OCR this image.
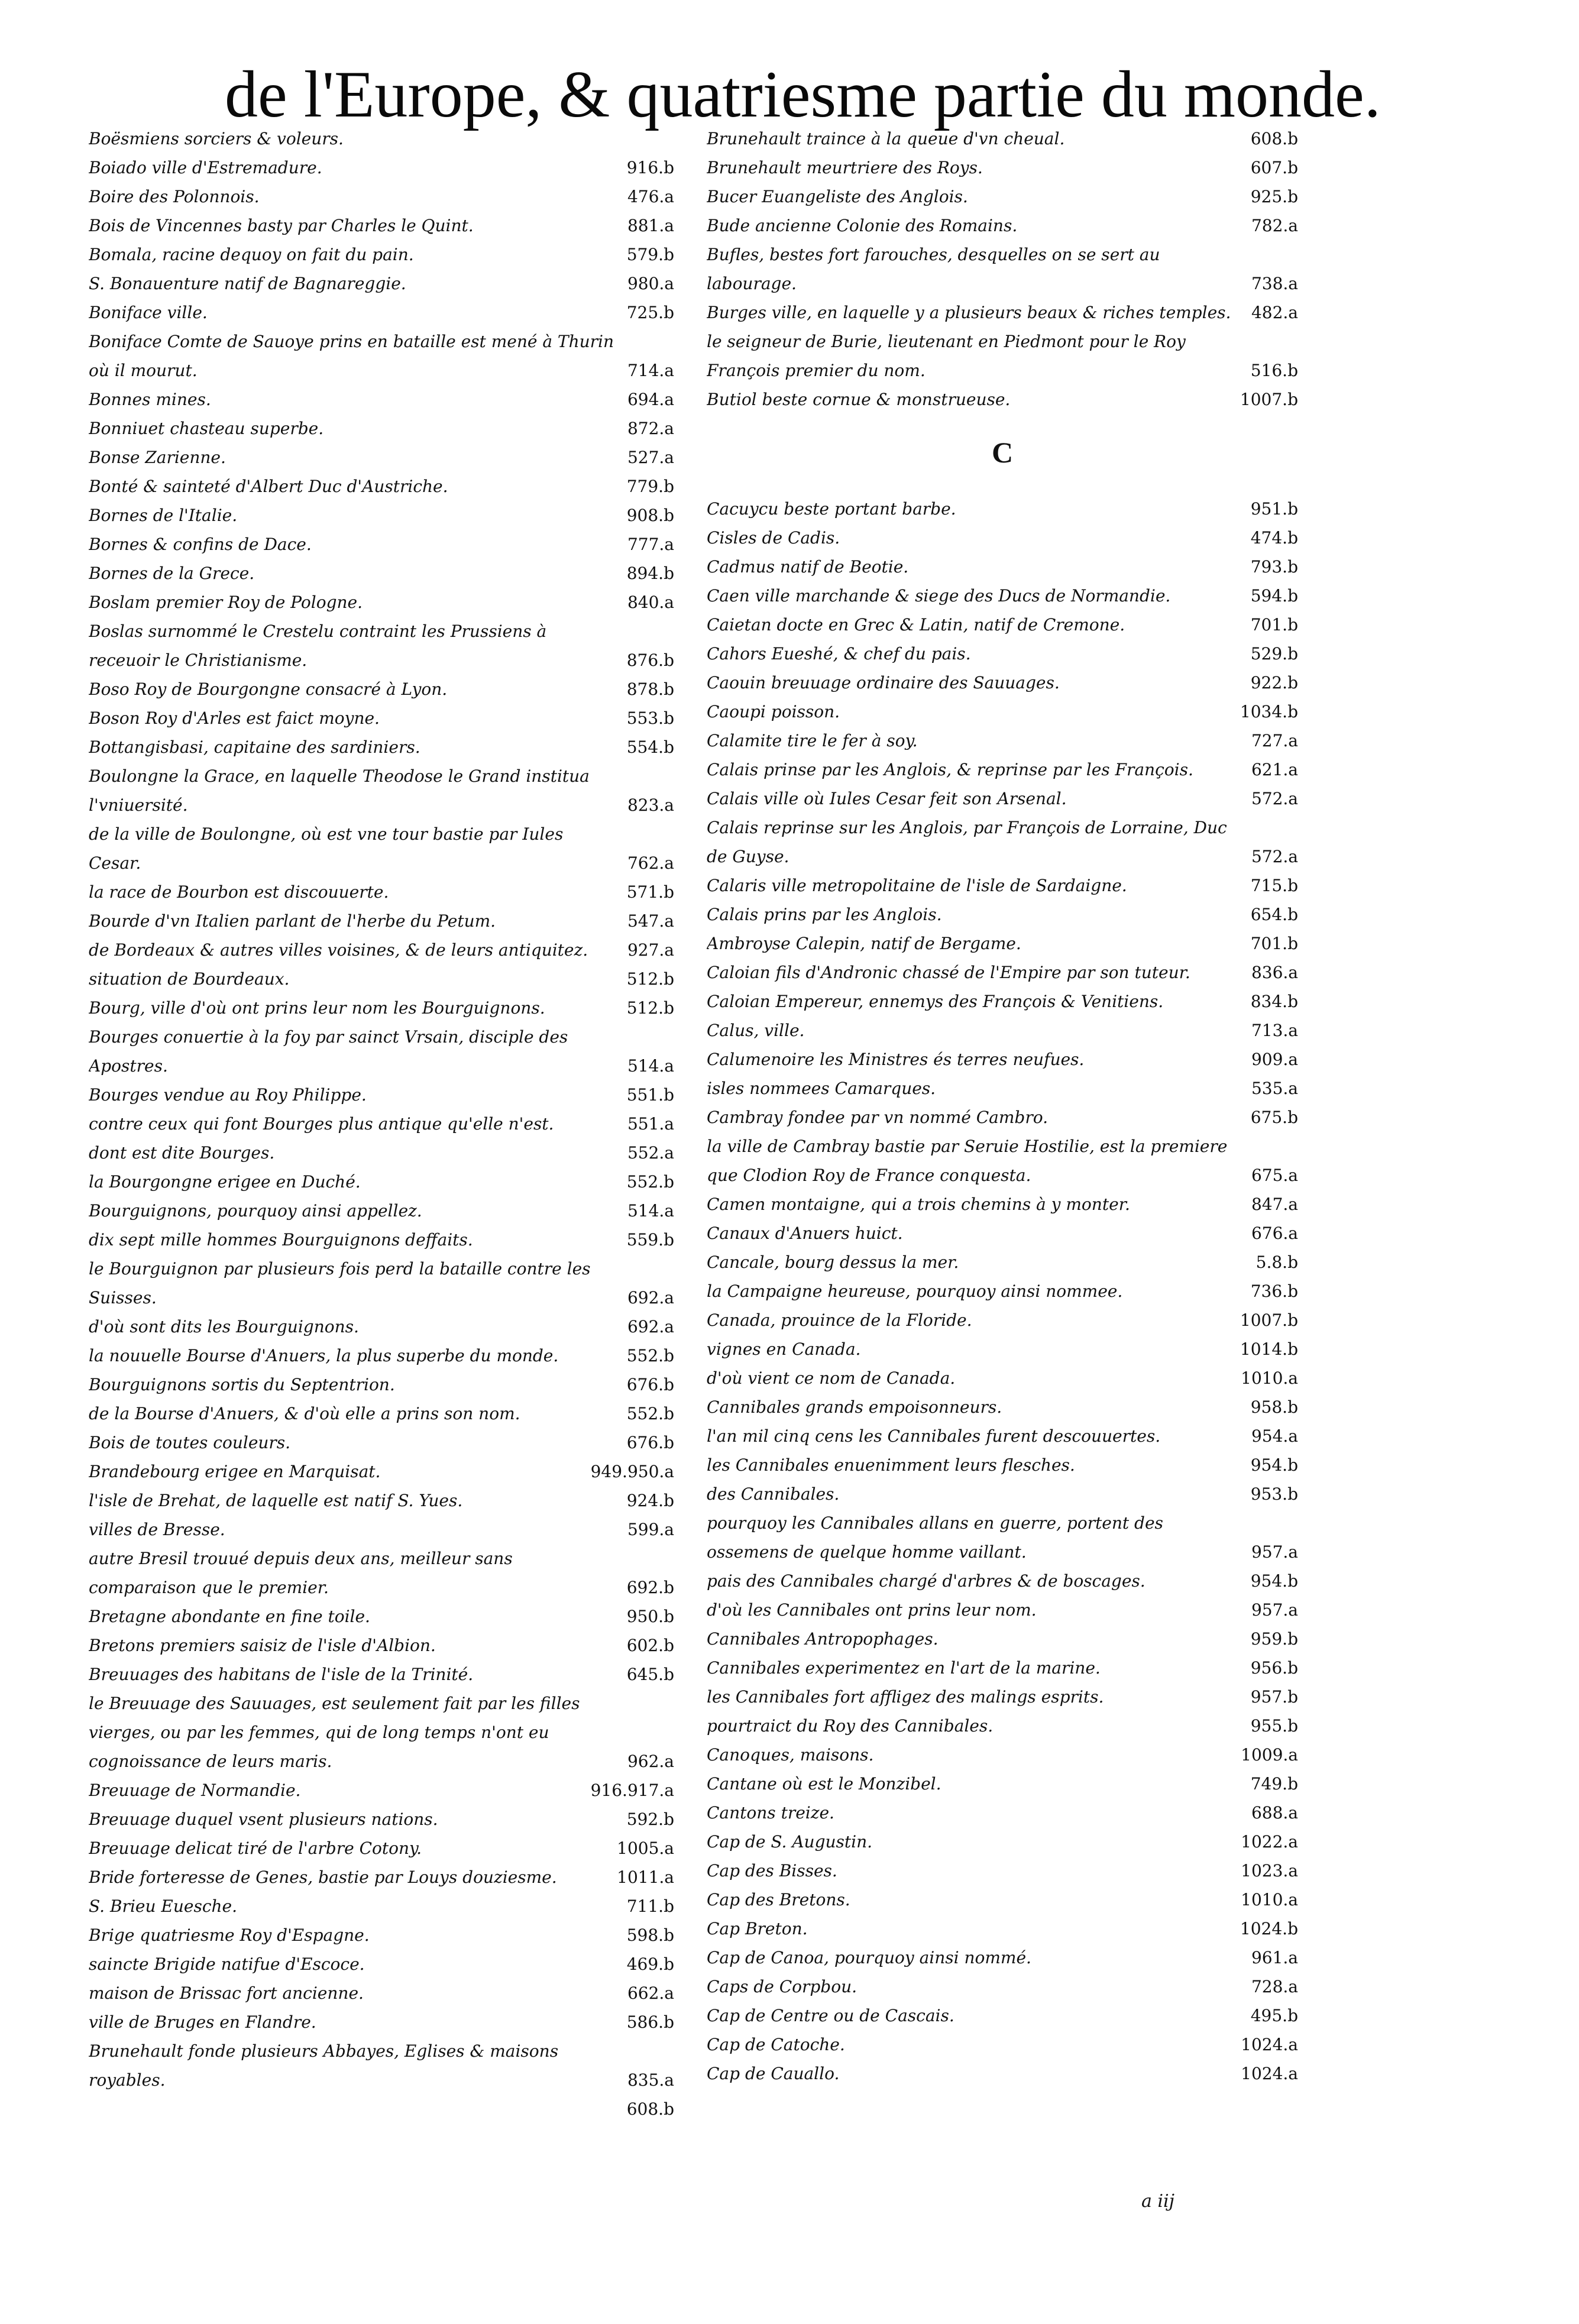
de l'Europe, & quatriesme partie du monde.
Boësmiens sorciers & voleurs.
Boiado ville d'Estremadure.	916.b
Boire des Polonnois.	476.a
Bois de Vincennes basty par Charles le Quint.	881.a
Bomala, racine dequoy on fait du pain.	579.b
S. Bonauenture natif de Bagnareggie.	980.a
Boniface ville.	725.b
Boniface Comte de Sauoye prins en bataille est mené à Thurin où il mourut.	714.a
Bonnes mines.	694.a
Bonniuet chasteau superbe.	872.a
Bonse Zarienne.	527.a
Bonté & sainteté d'Albert Duc d'Austriche.	779.b
Bornes de l'Italie.	908.b
Bornes & confins de Dace.	777.a
Bornes de la Grece.	894.b
Boslam premier Roy de Pologne.	840.a
Boslas surnommé le Crestelu contraint les Prussiens à receuoir le Christianisme.	876.b
Boso Roy de Bourgongne consacré à Lyon.	878.b
Boson Roy d'Arles est faict moyne.	553.b
Bottangisbasi, capitaine des sardiniers.	554.b
Boulongne la Grace, en laquelle Theodose le Grand institua l'vniuersité.	823.a
de la ville de Boulongne, où est vne tour bastie par Iules Cesar.	762.a
la race de Bourbon est discouuerte.	571.b
Bourde d'vn Italien parlant de l'herbe du Petum.	547.a
de Bordeaux & autres villes voisines, & de leurs antiquitez.	927.a
situation de Bourdeaux.	512.b
Bourg, ville d'où ont prins leur nom les Bourguignons.	512.b
Bourges conuertie à la foy par sainct Vrsain, disciple des Apostres.	514.a
Bourges vendue au Roy Philippe.	551.b
contre ceux qui font Bourges plus antique qu'elle n'est.	551.a
dont est dite Bourges.	552.a
la Bourgongne erigee en Duché.	552.b
Bourguignons, pourquoy ainsi appellez.	514.a
dix sept mille hommes Bourguignons deffaits.	559.b
le Bourguignon par plusieurs fois perd la bataille contre les Suisses.	692.a
d'où sont dits les Bourguignons.	692.a
la nouuelle Bourse d'Anuers, la plus superbe du monde.	552.b
Bourguignons sortis du Septentrion.	676.b
de la Bourse d'Anuers, & d'où elle a prins son nom.	552.b
Bois de toutes couleurs.	676.b
Brandebourg erigee en Marquisat.	949.950.a
l'isle de Brehat, de laquelle est natif S. Yues.	924.b
villes de Bresse.	599.a
autre Bresil trouué depuis deux ans, meilleur sans comparaison que le premier.	692.b
Bretagne abondante en fine toile.	950.b
Bretons premiers saisiz de l'isle d'Albion.	602.b
Breuuages des habitans de l'isle de la Trinité.	645.b
le Breuuage des Sauuages, est seulement fait par les filles vierges, ou par les femmes, qui de long temps n'ont eu cognoissance de leurs maris.	962.a
Breuuage de Normandie.	916.917.a
Breuuage duquel vsent plusieurs nations.	592.b
Breuuage delicat tiré de l'arbre Cotony.	1005.a
Bride forteresse de Genes, bastie par Louys douziesme.	1011.a
S. Brieu Euesche.	711.b
Brige quatriesme Roy d'Espagne.	598.b
saincte Brigide natifue d'Escoce.	469.b
maison de Brissac fort ancienne.	662.a
ville de Bruges en Flandre.	586.b
Brunehault fonde plusieurs Abbayes, Eglises & maisons royables.	835.a
608.b
Brunehault traince à la queue d'vn cheual.	608.b
Brunehault meurtriere des Roys.	607.b
Bucer Euangeliste des Anglois.	925.b
Bude ancienne Colonie des Romains.	782.a
Bufles, bestes fort farouches, desquelles on se sert au labourage.	738.a
Burges ville, en laquelle y a plusieurs beaux & riches temples.	482.a
le seigneur de Burie, lieutenant en Piedmont pour le Roy François premier du nom.	516.b
Butiol beste cornue & monstrueuse.	1007.b
C
Cacuycu beste portant barbe.	951.b
Cisles de Cadis.	474.b
Cadmus natif de Beotie.	793.b
Caen ville marchande & siege des Ducs de Normandie.	594.b
Caietan docte en Grec & Latin, natif de Cremone.	701.b
Cahors Eueshé, & chef du pais.	529.b
Caouin breuuage ordinaire des Sauuages.	922.b
Caoupi poisson.	1034.b
Calamite tire le fer à soy.	727.a
Calais prinse par les Anglois, & reprinse par les François.	621.a
Calais ville où Iules Cesar feit son Arsenal.	572.a
Calais reprinse sur les Anglois, par François de Lorraine, Duc de Guyse.	572.a
Calaris ville metropolitaine de l'isle de Sardaigne.	715.b
Calais prins par les Anglois.	654.b
Ambroyse Calepin, natif de Bergame.	701.b
Caloian fils d'Andronic chassé de l'Empire par son tuteur.	836.a
Caloian Empereur, ennemys des François & Venitiens.	834.b
Calus, ville.	713.a
Calumenoire les Ministres és terres neufues.	909.a
isles nommees Camarques.	535.a
Cambray fondee par vn nommé Cambro.	675.b
la ville de Cambray bastie par Seruie Hostilie, est la premiere que Clodion Roy de France conquesta.	675.a
Camen montaigne, qui a trois chemins à y monter.	847.a
Canaux d'Anuers huict.	676.a
Cancale, bourg dessus la mer.	5.8.b
la Campaigne heureuse, pourquoy ainsi nommee.	736.b
Canada, prouince de la Floride.	1007.b
vignes en Canada.	1014.b
d'où vient ce nom de Canada.	1010.a
Cannibales grands empoisonneurs.	958.b
l'an mil cinq cens les Cannibales furent descouuertes.	954.a
les Cannibales enuenimment leurs flesches.	954.b
des Cannibales.	953.b
pourquoy les Cannibales allans en guerre, portent des ossemens de quelque homme vaillant.	957.a
pais des Cannibales chargé d'arbres & de boscages.	954.b
d'où les Cannibales ont prins leur nom.	957.a
Cannibales Antropophages.	959.b
Cannibales experimentez en l'art de la marine.	956.b
les Cannibales fort affligez des malings esprits.	957.b
pourtraict du Roy des Cannibales.	955.b
Canoques, maisons.	1009.a
Cantane où est le Monzibel.	749.b
Cantons treize.	688.a
Cap de S. Augustin.	1022.a
Cap des Bisses.	1023.a
Cap des Bretons.	1010.a
Cap Breton.	1024.b
Cap de Canoa, pourquoy ainsi nommé.	961.a
Caps de Corpbou.	728.a
Cap de Centre ou de Cascais.	495.b
Cap de Catoche.	1024.a
Cap de Cauallo.	1024.a
a iij
